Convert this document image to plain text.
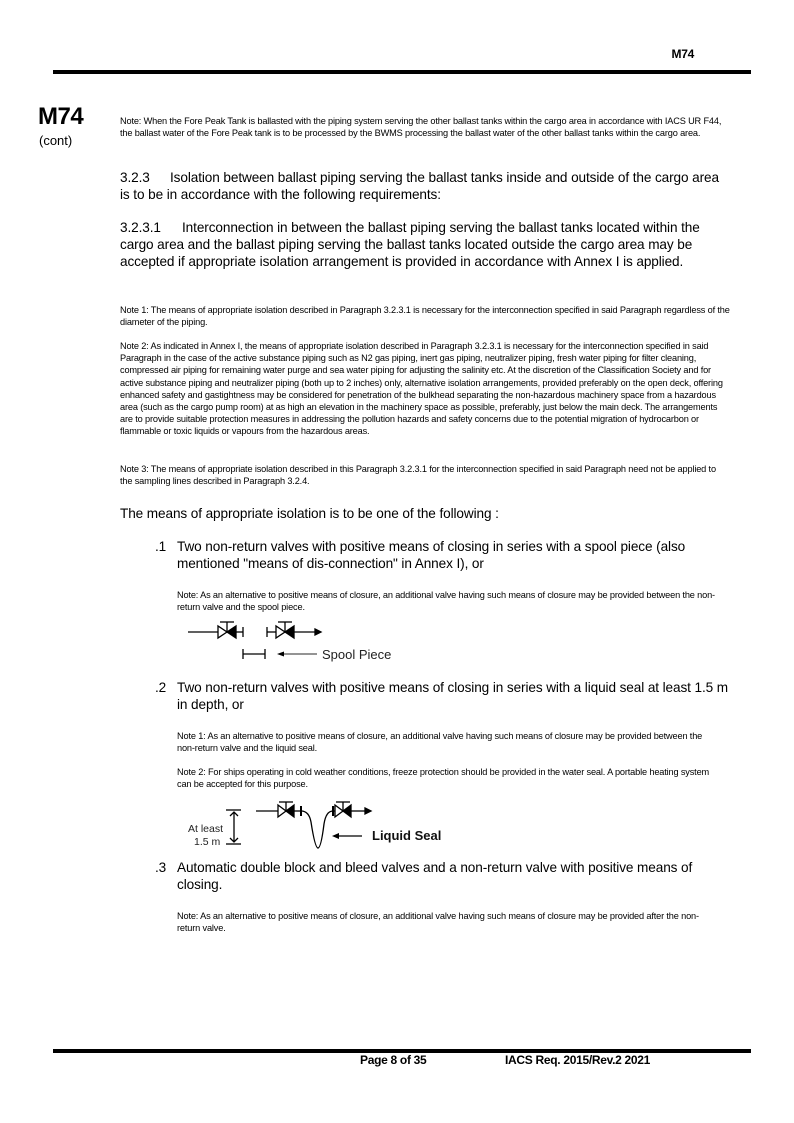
M74
M74
(cont)
Note: When the Fore Peak Tank is ballasted with the piping system serving the other ballast tanks within the cargo area in accordance with IACS UR F44, the ballast water of the Fore Peak tank is to be processed by the BWMS processing the ballast water of the other ballast tanks within the cargo area.
3.2.3 Isolation between ballast piping serving the ballast tanks inside and outside of the cargo area is to be in accordance with the following requirements:
3.2.3.1 Interconnection in between the ballast piping serving the ballast tanks located within the cargo area and the ballast piping serving the ballast tanks located outside the cargo area may be accepted if appropriate isolation arrangement is provided in accordance with Annex I is applied.
Note 1: The means of appropriate isolation described in Paragraph 3.2.3.1 is necessary for the interconnection specified in said Paragraph regardless of the diameter of the piping.
Note 2: As indicated in Annex I, the means of appropriate isolation described in Paragraph 3.2.3.1 is necessary for the interconnection specified in said Paragraph in the case of the active substance piping such as N2 gas piping, inert gas piping, neutralizer piping, fresh water piping for filter cleaning, compressed air piping for remaining water purge and sea water piping for adjusting the salinity etc. At the discretion of the Classification Society and for active substance piping and neutralizer piping (both up to 2 inches) only, alternative isolation arrangements, provided preferably on the open deck, offering enhanced safety and gastightness may be considered for penetration of the bulkhead separating the non-hazardous machinery space from a hazardous area (such as the cargo pump room) at as high an elevation in the machinery space as possible, preferably, just below the main deck. The arrangements are to provide suitable protection measures in addressing the pollution hazards and safety concerns due to the potential migration of hydrocarbon or flammable or toxic liquids or vapours from the hazardous areas.
Note 3: The means of appropriate isolation described in this Paragraph 3.2.3.1 for the interconnection specified in said Paragraph need not be applied to the sampling lines described in Paragraph 3.2.4.
The means of appropriate isolation is to be one of the following :
.1 Two non-return valves with positive means of closing in series with a spool piece (also mentioned "means of dis-connection" in Annex I), or
Note: As an alternative to positive means of closure, an additional valve having such means of closure may be provided between the non-return valve and the spool piece.
Spool Piece
.2 Two non-return valves with positive means of closing in series with a liquid seal at least 1.5 m in depth, or
Note 1: As an alternative to positive means of closure, an additional valve having such means of closure may be provided between the non-return valve and the liquid seal.
Note 2: For ships operating in cold weather conditions, freeze protection should be provided in the water seal. A portable heating system can be accepted for this purpose.
At least
1.5 m	Liquid Seal
.3 Automatic double block and bleed valves and a non-return valve with positive means of closing.
Note: As an alternative to positive means of closure, an additional valve having such means of closure may be provided after the non-return valve.
Page 8 of 35	IACS Req. 2015/Rev.2 2021
